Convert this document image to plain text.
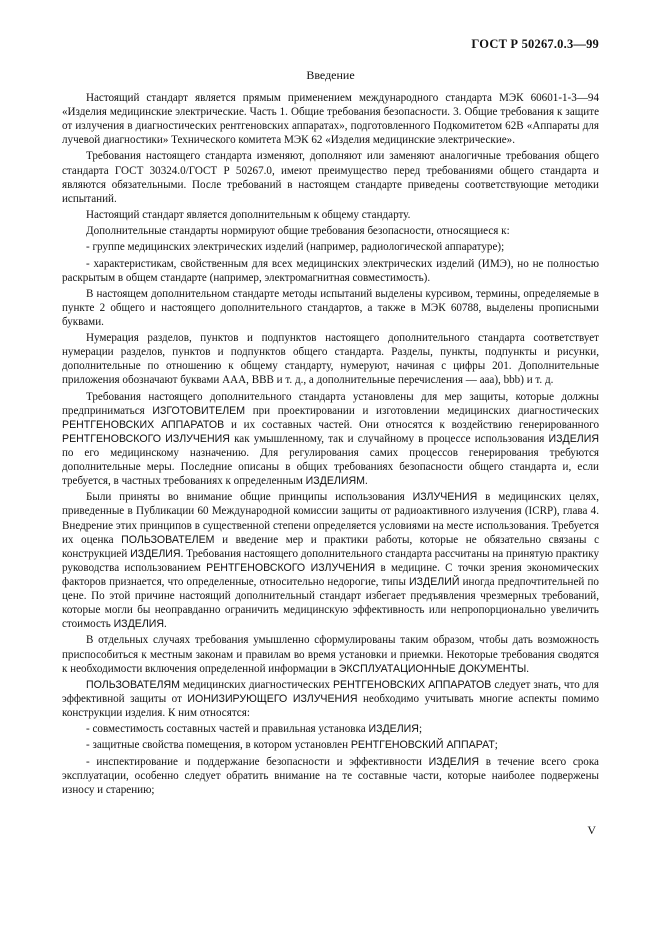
ГОСТ Р 50267.0.3—99
Введение

Настоящий стандарт является прямым применением международного стандарта МЭК 60601-1-3—94 «Изделия медицинские электрические. Часть 1. Общие требования безопасности. 3. Общие требования к защите от излучения в диагностических рентгеновских аппаратах», подготовленного Подкомитетом 62В «Аппараты для лучевой диагностики» Технического комитета МЭК 62 «Изделия медицинские электрические».

Требования настоящего стандарта изменяют, дополняют или заменяют аналогичные требования общего стандарта ГОСТ 30324.0/ГОСТ Р 50267.0, имеют преимущество перед требованиями общего стандарта и являются обязательными. После требований в настоящем стандарте приведены соответствующие методики испытаний.

Настоящий стандарт является дополнительным к общему стандарту.

Дополнительные стандарты нормируют общие требования безопасности, относящиеся к:

- группе медицинских электрических изделий (например, радиологической аппаратуре);

- характеристикам, свойственным для всех медицинских электрических изделий (ИМЭ), но не полностью раскрытым в общем стандарте (например, электромагнитная совместимость).

В настоящем дополнительном стандарте методы испытаний выделены курсивом, термины, определяемые в пункте 2 общего и настоящего дополнительного стандартов, а также в МЭК 60788, выделены прописными буквами.

Нумерация разделов, пунктов и подпунктов настоящего дополнительного стандарта соответствует нумерации разделов, пунктов и подпунктов общего стандарта. Разделы, пункты, подпункты и рисунки, дополнительные по отношению к общему стандарту, нумеруют, начиная с цифры 201. Дополнительные приложения обозначают буквами ААА, ВВВ и т. д., а дополнительные перечисления — ааа), bbb) и т. д.

Требования настоящего дополнительного стандарта установлены для мер защиты, которые должны предприниматься ИЗГОТОВИТЕЛЕМ при проектировании и изготовлении медицинских диагностических РЕНТГЕНОВСКИХ АППАРАТОВ и их составных частей. Они относятся к воздействию генерированного РЕНТГЕНОВСКОГО ИЗЛУЧЕНИЯ как умышленному, так и случайному в процессе использования ИЗДЕЛИЯ по его медицинскому назначению. Для регулирования самих процессов генерирования требуются дополнительные меры. Последние описаны в общих требованиях безопасности общего стандарта и, если требуется, в частных требованиях к определенным ИЗДЕЛИЯМ.

Были приняты во внимание общие принципы использования ИЗЛУЧЕНИЯ в медицинских целях, приведенные в Публикации 60 Международной комиссии защиты от радиоактивного излучения (ICRP), глава 4. Внедрение этих принципов в существенной степени определяется условиями на месте использования. Требуется их оценка ПОЛЬЗОВАТЕЛЕМ и введение мер и практики работы, которые не обязательно связаны с конструкцией ИЗДЕЛИЯ. Требования настоящего дополнительного стандарта рассчитаны на принятую практику руководства использованием РЕНТГЕНОВСКОГО ИЗЛУЧЕНИЯ в медицине. С точки зрения экономических факторов признается, что определенные, относительно недорогие, типы ИЗДЕЛИЙ иногда предпочтительней по цене. По этой причине настоящий дополнительный стандарт избегает предъявления чрезмерных требований, которые могли бы неоправданно ограничить медицинскую эффективность или непропорционально увеличить стоимость ИЗДЕЛИЯ.

В отдельных случаях требования умышленно сформулированы таким образом, чтобы дать возможность приспособиться к местным законам и правилам во время установки и приемки. Некоторые требования сводятся к необходимости включения определенной информации в ЭКСПЛУАТАЦИОННЫЕ ДОКУМЕНТЫ.

ПОЛЬЗОВАТЕЛЯМ медицинских диагностических РЕНТГЕНОВСКИХ АППАРАТОВ следует знать, что для эффективной защиты от ИОНИЗИРУЮЩЕГО ИЗЛУЧЕНИЯ необходимо учитывать многие аспекты помимо конструкции изделия. К ним относятся:

- совместимость составных частей и правильная установка ИЗДЕЛИЯ;

- защитные свойства помещения, в котором установлен РЕНТГЕНОВСКИЙ АППАРАТ;

- инспектирование и поддержание безопасности и эффективности ИЗДЕЛИЯ в течение всего срока эксплуатации, особенно следует обратить внимание на те составные части, которые наиболее подвержены износу и старению;

V
